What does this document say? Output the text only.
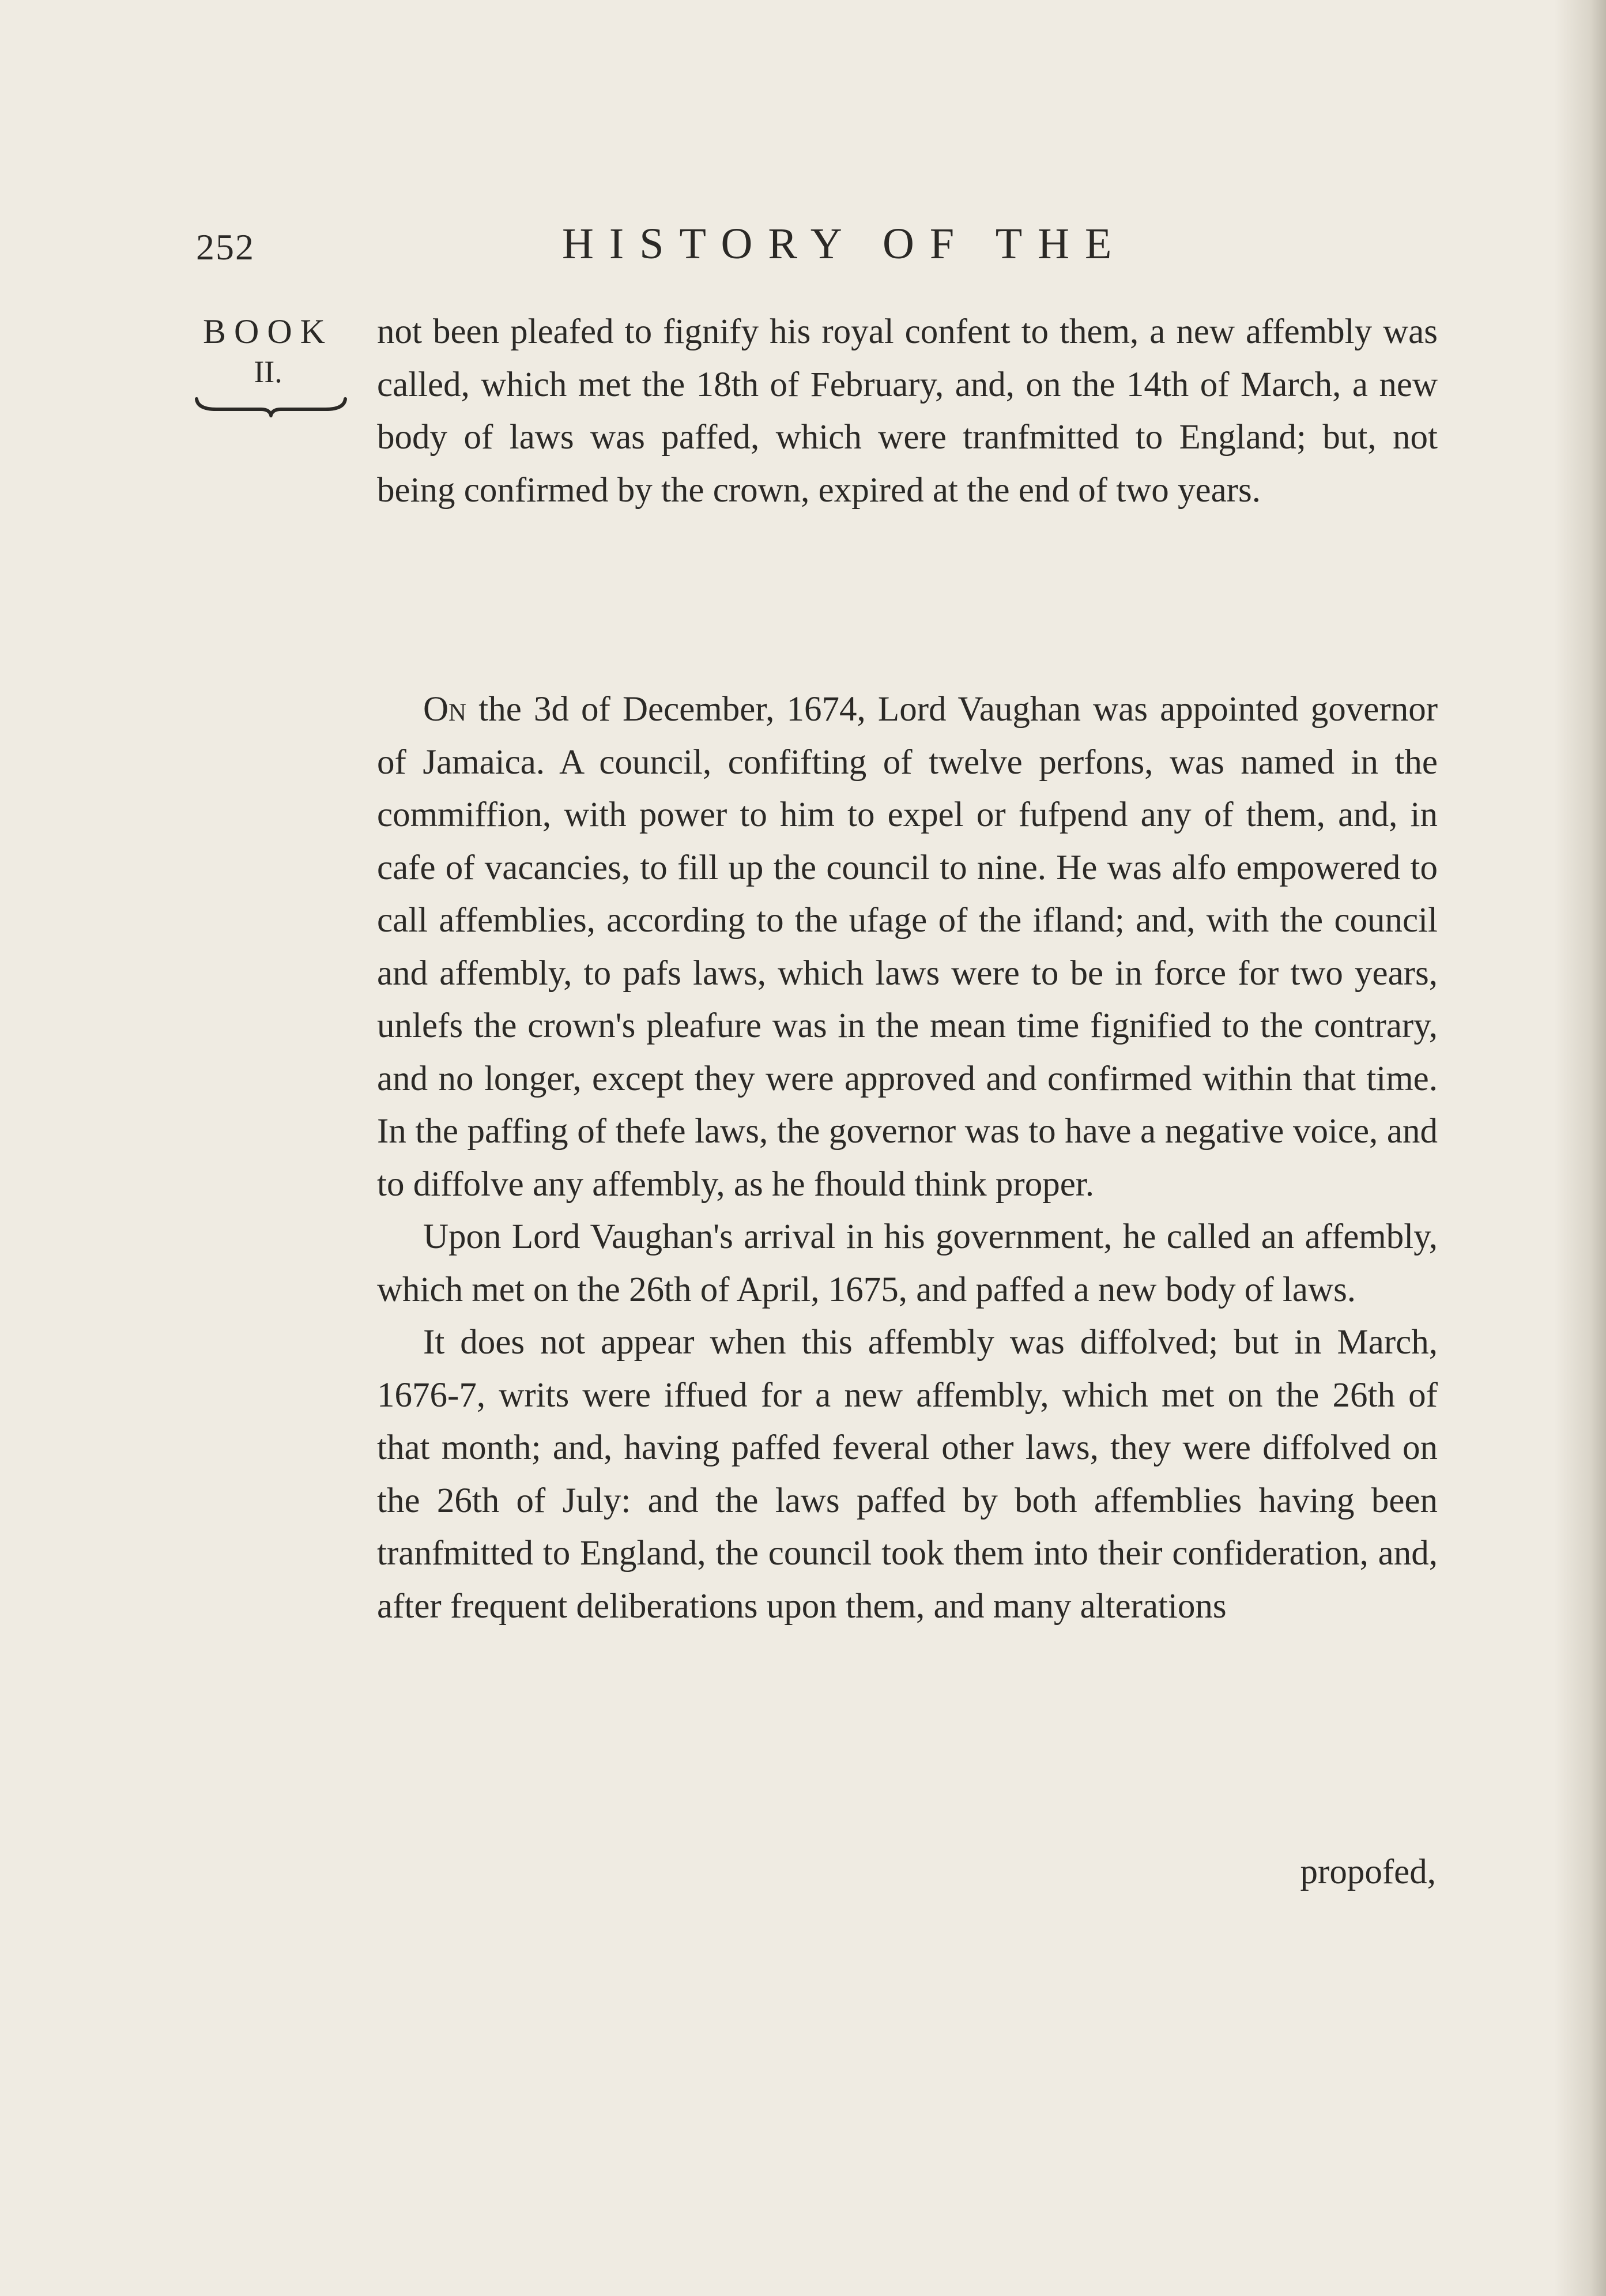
252	HISTORY OF THE
BOOK
II.

not been pleafed to fignify his royal confent to them, a new affembly was called, which met the 18th of February, and, on the 14th of March, a new body of laws was paffed, which were tranfmitted to England; but, not being confirmed by the crown, expired at the end of two years.

On the 3d of December, 1674, Lord Vaughan was appointed governor of Jamaica. A council, confifting of twelve perfons, was named in the commiffion, with power to him to expel or fufpend any of them, and, in cafe of vacancies, to fill up the council to nine. He was alfo empowered to call affemblies, according to the ufage of the ifland; and, with the council and affembly, to pafs laws, which laws were to be in force for two years, unlefs the crown's pleafure was in the mean time fignified to the contrary, and no longer, except they were approved and confirmed within that time. In the paffing of thefe laws, the governor was to have a negative voice, and to diffolve any affembly, as he fhould think proper.

Upon Lord Vaughan's arrival in his government, he called an affembly, which met on the 26th of April, 1675, and paffed a new body of laws.

It does not appear when this affembly was diffolved; but in March, 1676-7, writs were iffued for a new affembly, which met on the 26th of that month; and, having paffed feveral other laws, they were diffolved on the 26th of July: and the laws paffed by both affemblies having been tranfmitted to England, the council took them into their confideration, and, after frequent deliberations upon them, and many alterations

propofed,
